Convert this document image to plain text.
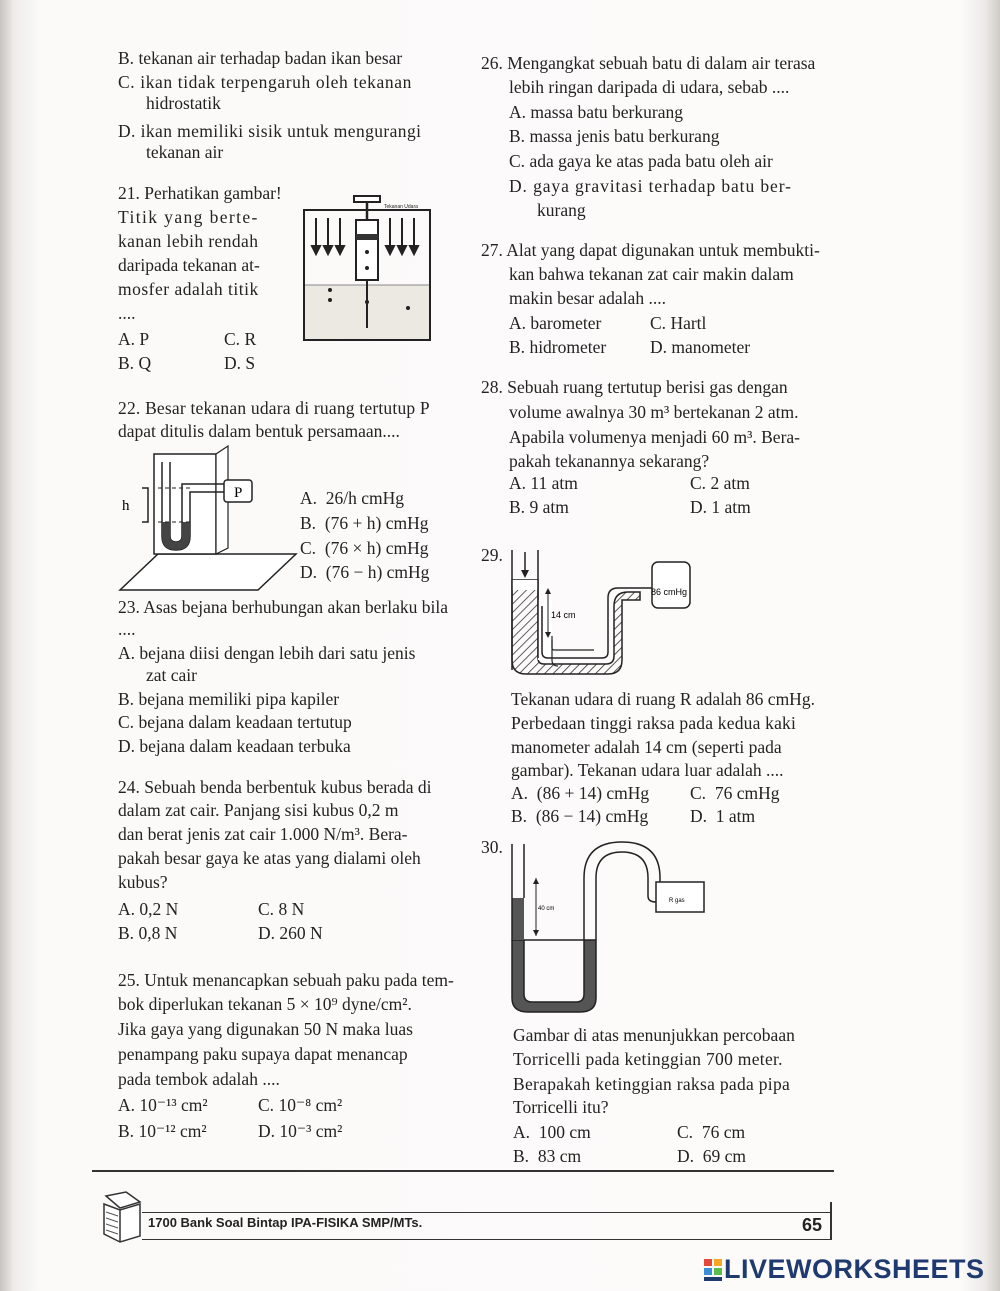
B. tekanan air terhadap badan ikan besar
C. ikan tidak terpengaruh oleh tekanan
hidrostatik
D. ikan memiliki sisik untuk mengurangi
tekanan air
21. Perhatikan gambar!
Titik yang berte-
kanan lebih rendah
daripada tekanan at-
mosfer adalah titik
....
A. P	C. R
B. Q	D. S
Tekanan Udara
22. Besar tekanan udara di ruang tertutup P
dapat ditulis dalam bentuk persamaan....
P
h	A. 26/h cmHg
B. (76 + h) cmHg
C. (76 × h) cmHg
D. (76 − h) cmHg
23. Asas bejana berhubungan akan berlaku bila
....
A. bejana diisi dengan lebih dari satu jenis
zat cair
B. bejana memiliki pipa kapiler
C. bejana dalam keadaan tertutup
D. bejana dalam keadaan terbuka
24. Sebuah benda berbentuk kubus berada di
dalam zat cair. Panjang sisi kubus 0,2 m
dan berat jenis zat cair 1.000 N/m³. Bera-
pakah besar gaya ke atas yang dialami oleh
kubus?
A. 0,2 N	C. 8 N
B. 0,8 N	D. 260 N
25. Untuk menancapkan sebuah paku pada tem-
bok diperlukan tekanan 5 × 10⁹ dyne/cm².
Jika gaya yang digunakan 50 N maka luas
penampang paku supaya dapat menancap
pada tembok adalah ....
A. 10⁻¹³ cm²	C. 10⁻⁸ cm²
B. 10⁻¹² cm²	D. 10⁻³ cm²
26. Mengangkat sebuah batu di dalam air terasa
lebih ringan daripada di udara, sebab ....
A. massa batu berkurang
B. massa jenis batu berkurang
C. ada gaya ke atas pada batu oleh air
D. gaya gravitasi terhadap batu ber-
kurang
27. Alat yang dapat digunakan untuk membukti-
kan bahwa tekanan zat cair makin dalam
makin besar adalah ....
A. barometer	C. Hartl
B. hidrometer	D. manometer
28. Sebuah ruang tertutup berisi gas dengan
volume awalnya 30 m³ bertekanan 2 atm.
Apabila volumenya menjadi 60 m³. Bera-
pakah tekanannya sekarang?
A. 11 atm	C. 2 atm
B. 9 atm	D. 1 atm
29.
14 cm
86 cmHg
Tekanan udara di ruang R adalah 86 cmHg.
Perbedaan tinggi raksa pada kedua kaki
manometer adalah 14 cm (seperti pada
gambar). Tekanan udara luar adalah ....
A. (86 + 14) cmHg C. 76 cmHg
B. (86 − 14) cmHg D. 1 atm
30.
40 cm
R gas
Gambar di atas menunjukkan percobaan
Torricelli pada ketinggian 700 meter.
Berapakah ketinggian raksa pada pipa
Torricelli itu?
A. 100 cm	C. 76 cm
B. 83 cm	D. 69 cm
1700 Bank Soal Bintap IPA-FISIKA SMP/MTs.	65
LIVEWORKSHEETS
